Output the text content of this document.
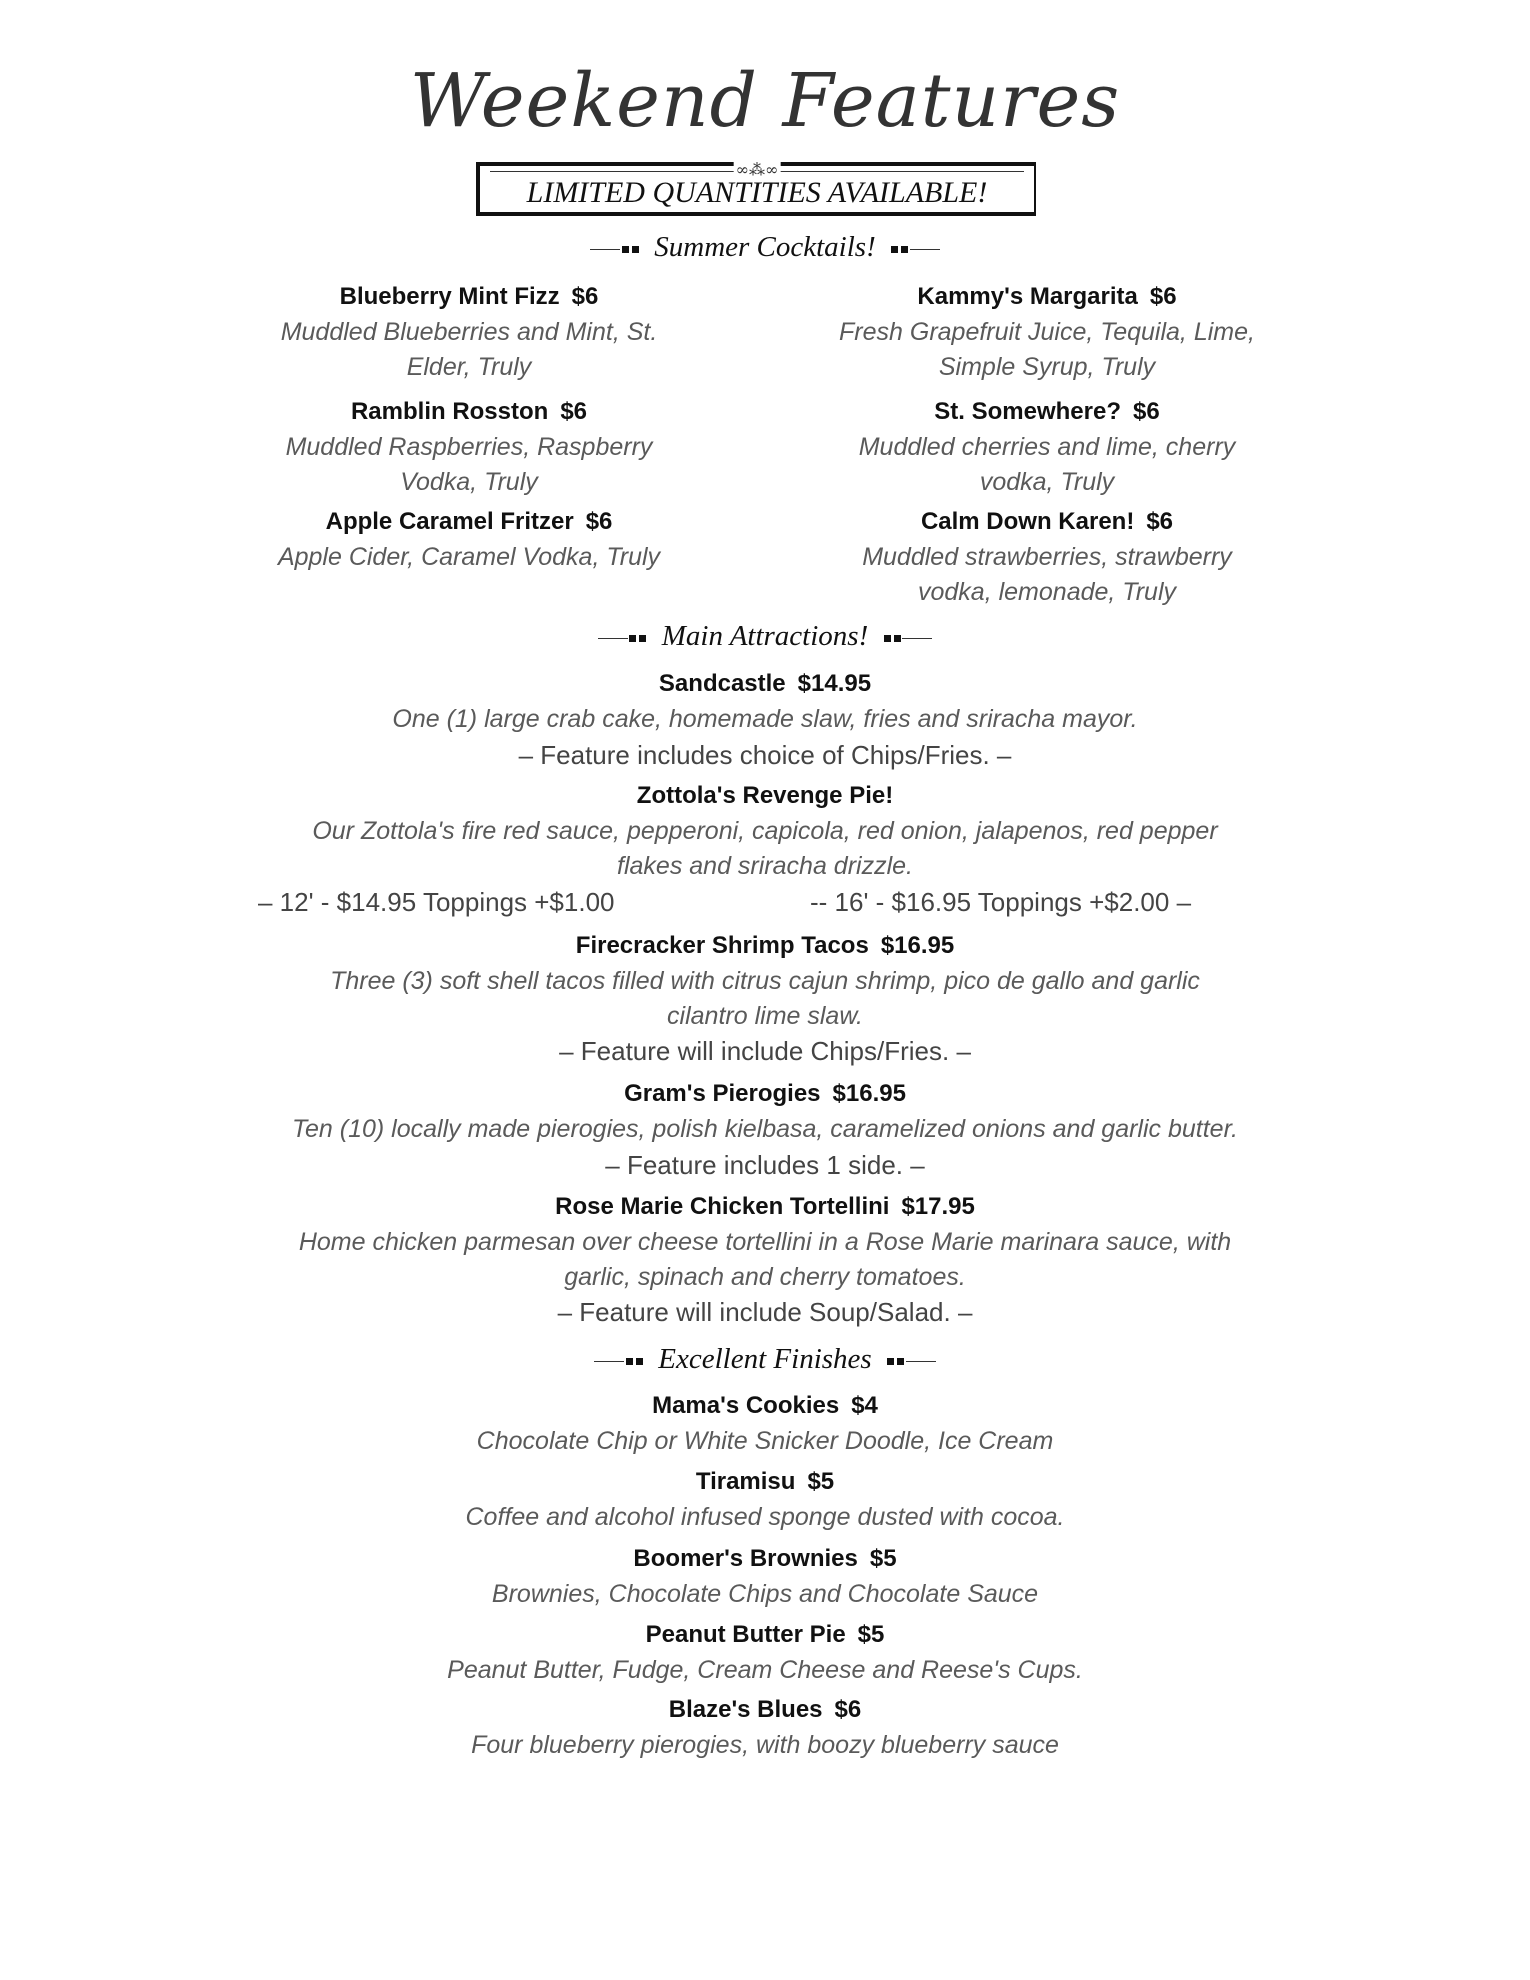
Weekend Features
∞⁂∞
LIMITED QUANTITIES AVAILABLE!
Summer Cocktails!
Blueberry Mint Fizz $6
Muddled Blueberries and Mint, St.
Elder, Truly
Ramblin Rosston $6
Muddled Raspberries, Raspberry
Vodka, Truly
Apple Caramel Fritzer $6
Apple Cider, Caramel Vodka, Truly
Kammy's Margarita $6
Fresh Grapefruit Juice, Tequila, Lime,
Simple Syrup, Truly
St. Somewhere? $6
Muddled cherries and lime, cherry
vodka, Truly
Calm Down Karen! $6
Muddled strawberries, strawberry
vodka, lemonade, Truly
Main Attractions!
Sandcastle $14.95
One (1) large crab cake, homemade slaw, fries and sriracha mayor.
– Feature includes choice of Chips/Fries. –
Zottola's Revenge Pie!
Our Zottola's fire red sauce, pepperoni, capicola, red onion, jalapenos, red pepper
flakes and sriracha drizzle.
– 12' - $14.95 Toppings +$1.00	-- 16' - $16.95 Toppings +$2.00 –
Firecracker Shrimp Tacos $16.95
Three (3) soft shell tacos filled with citrus cajun shrimp, pico de gallo and garlic
cilantro lime slaw.
– Feature will include Chips/Fries. –
Gram's Pierogies $16.95
Ten (10) locally made pierogies, polish kielbasa, caramelized onions and garlic butter.
– Feature includes 1 side. –
Rose Marie Chicken Tortellini $17.95
Home chicken parmesan over cheese tortellini in a Rose Marie marinara sauce, with
garlic, spinach and cherry tomatoes.
– Feature will include Soup/Salad. –
Excellent Finishes
Mama's Cookies $4
Chocolate Chip or White Snicker Doodle, Ice Cream
Tiramisu $5
Coffee and alcohol infused sponge dusted with cocoa.
Boomer's Brownies $5
Brownies, Chocolate Chips and Chocolate Sauce
Peanut Butter Pie $5
Peanut Butter, Fudge, Cream Cheese and Reese's Cups.
Blaze's Blues $6
Four blueberry pierogies, with boozy blueberry sauce
